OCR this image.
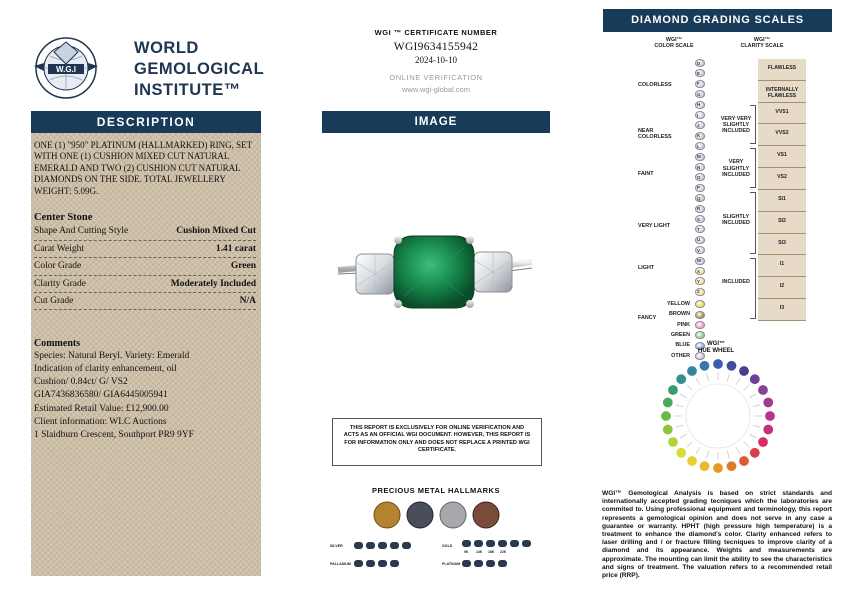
W.G.I
WORLD
GEMOLOGICAL
INSTITUTE™
DESCRIPTION
ONE (1) "950" PLATINUM (HALLMARKED) RING, SET WITH ONE (1) CUSHION MIXED CUT NATURAL EMERALD AND TWO (2) CUSHION CUT NATURAL DIAMONDS ON THE SIDE. TOTAL JEWELLERY WEIGHT: 5.09G.
Center Stone
Shape And Cutting Style	Cushion Mixed Cut
Carat Weight	1.41 carat
Color Grade	Green
Clarity Grade	Moderately Included
Cut Grade	N/A
Comments
Species: Natural Beryl. Variety: Emerald
Indication of clarity enhancement, oil
Cushion/ 0.84ct/ G/ VS2
GIA7436836580/ GIA6445005941
Estimated Retail Value: £12,900.00
Client information: WLC Auctions
1 Slaidburn Crescent, Southport PR9 9YF
WGI ™ CERTIFICATE NUMBER
WGI9634155942
2024-10-10
ONLINE VERIFICATION
www.wgi-global.com
IMAGE
THIS REPORT IS EXCLUSIVELY FOR ONLINE VERIFICATION AND ACTS AS AN OFFICIAL WGI DOCUMENT. HOWEVER, THIS REPORT IS FOR INFORMATION ONLY AND DOES NOT REPLACE A PRINTED WGI CERTIFICATE.
PRECIOUS METAL HALLMARKS
SILVER
PALLADIUM
GOLD
PLATINUM
9K 14K 18K 22K
DIAMOND GRADING SCALES
WGI™
COLOR SCALE
WGI™
CLARITY SCALE
COLORLESS
NEAR COLORLESS
FAINT
VERY LIGHT
LIGHT
FANCY
YELLOW
BROWN
PINK
GREEN
BLUE
OTHER
D
E
F
G
H
I
J
K
L
M
N
O
P
Q
R
S
T
U
V
W
X
Y
Z
VERY VERY SLIGHTLY INCLUDED
VERY SLIGHTLY INCLUDED
SLIGHTLY INCLUDED
INCLUDED
FLAWLESS
INTERNALLY FLAWLESS
VVS1
VVS2
VS1
VS2
SI1
SI2
SI3
I1
I2
I3
WGI™
HUE WHEEL
WGI™ Gemological Analysis is based on strict standards and internationally accepted grading tecniques which the laboratories are commited to. Using professional equipment and terminology, this report represents a gemological opinion and does not serve in any case a guarantee or warranty. HPHT (high pressure high temperature) is a treatment to enhance the diamond's color. Clarity enhanced refers to laser drilling and / or fracture filling tecniques to improve clarity of a diamond and its appearance. Weights and measurements are approximate. The mounting can limit the ability to see the characteristics and signs of treatment. The valuation refers to a recommended retail price (RRP).
